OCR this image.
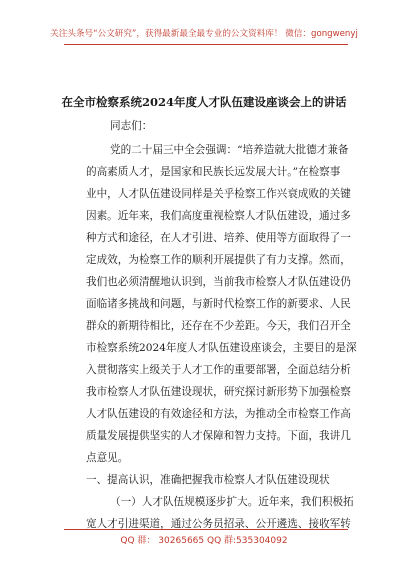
关注头条号“公文研究”，获得最新最全最专业的公文资料库！ 微信：gongwenyj
在全市检察系统2024年度人才队伍建设座谈会上的讲话
同志们：
党的二十届三中全会强调：“培养造就大批德才兼备
的高素质人才，是国家和民族长远发展大计。”在检察事
业中，人才队伍建设同样是关乎检察工作兴衰成败的关键
因素。近年来，我们高度重视检察人才队伍建设，通过多
种方式和途径，在人才引进、培养、使用等方面取得了一
定成效，为检察工作的顺利开展提供了有力支撑。然而，
我们也必须清醒地认识到，当前我市检察人才队伍建设仍
面临诸多挑战和问题，与新时代检察工作的新要求、人民
群众的新期待相比，还存在不少差距。今天，我们召开全
市检察系统2024年度人才队伍建设座谈会，主要目的是深
入贯彻落实上级关于人才工作的重要部署，全面总结分析
我市检察人才队伍建设现状，研究探讨新形势下加强检察
人才队伍建设的有效途径和方法，为推动全市检察工作高
质量发展提供坚实的人才保障和智力支持。下面，我讲几
点意见。
一、提高认识，准确把握我市检察人才队伍建设现状
（一）人才队伍规模逐步扩大。近年来，我们积极拓
宽人才引进渠道，通过公务员招录、公开遴选、接收军转
QQ 群： 30265665 QQ 群:535304092
